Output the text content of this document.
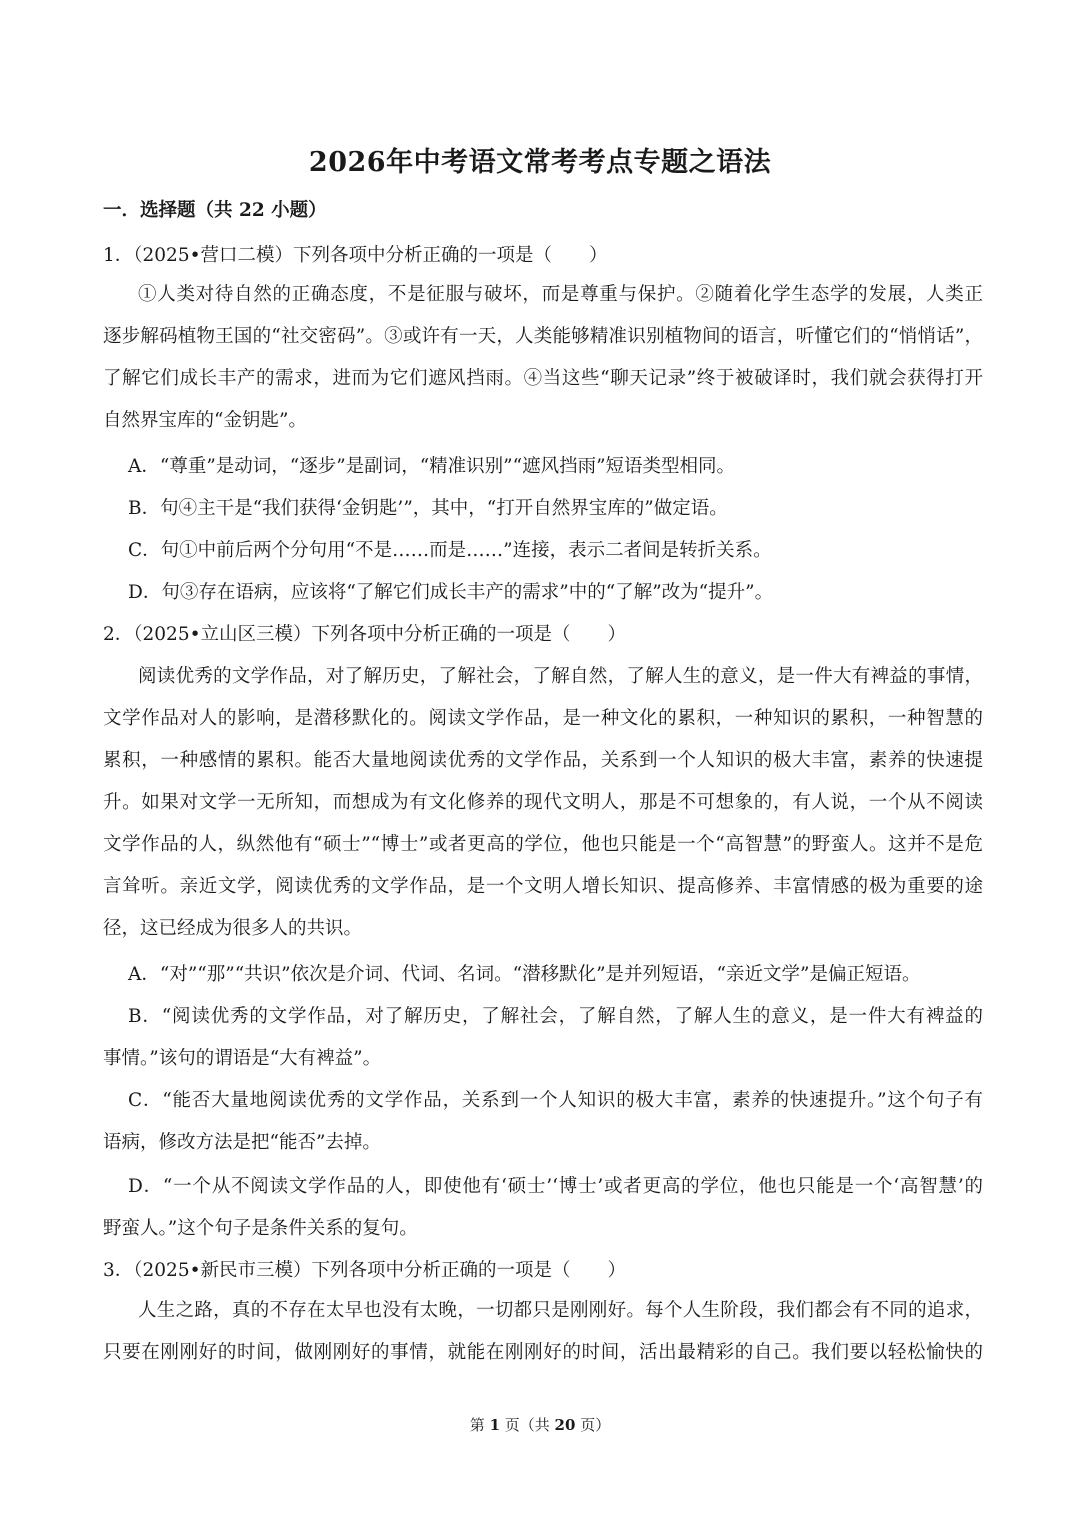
2026年中考语文常考考点专题之语法
一．选择题（共 22 小题）
1．（2025•营口二模）下列各项中分析正确的一项是（　　）
①人类对待自然的正确态度，不是征服与破坏，而是尊重与保护。②随着化学生态学的发展，人类正
逐步解码植物王国的“社交密码”。③或许有一天，人类能够精准识别植物间的语言，听懂它们的“悄悄话”，
了解它们成长丰产的需求，进而为它们遮风挡雨。④当这些“聊天记录”终于被破译时，我们就会获得打开
自然界宝库的“金钥匙”。
A．“尊重”是动词，“逐步”是副词，“精准识别”“遮风挡雨”短语类型相同。
B．句④主干是“我们获得‘金钥匙’”，其中，“打开自然界宝库的”做定语。
C．句①中前后两个分句用“不是……而是……”连接，表示二者间是转折关系。
D．句③存在语病，应该将“了解它们成长丰产的需求”中的“了解”改为“提升”。
2．（2025•立山区三模）下列各项中分析正确的一项是（　　）
阅读优秀的文学作品，对了解历史，了解社会，了解自然，了解人生的意义，是一件大有裨益的事情，
文学作品对人的影响，是潜移默化的。阅读文学作品，是一种文化的累积，一种知识的累积，一种智慧的
累积，一种感情的累积。能否大量地阅读优秀的文学作品，关系到一个人知识的极大丰富，素养的快速提
升。如果对文学一无所知，而想成为有文化修养的现代文明人，那是不可想象的，有人说，一个从不阅读
文学作品的人，纵然他有“硕士”“博士”或者更高的学位，他也只能是一个“高智慧”的野蛮人。这并不是危
言耸听。亲近文学，阅读优秀的文学作品，是一个文明人增长知识、提高修养、丰富情感的极为重要的途
径，这已经成为很多人的共识。
A．“对”“那”“共识”依次是介词、代词、名词。“潜移默化”是并列短语，“亲近文学”是偏正短语。
B．“阅读优秀的文学作品，对了解历史，了解社会，了解自然，了解人生的意义，是一件大有裨益的
事情。”该句的谓语是“大有裨益”。
C．“能否大量地阅读优秀的文学作品，关系到一个人知识的极大丰富，素养的快速提升。”这个句子有
语病，修改方法是把“能否”去掉。
D．“一个从不阅读文学作品的人，即使他有‘硕士’‘博士’或者更高的学位，他也只能是一个‘高智慧’的
野蛮人。”这个句子是条件关系的复句。
3．（2025•新民市三模）下列各项中分析正确的一项是（　　）
人生之路，真的不存在太早也没有太晚，一切都只是刚刚好。每个人生阶段，我们都会有不同的追求，
只要在刚刚好的时间，做刚刚好的事情，就能在刚刚好的时间，活出最精彩的自己。我们要以轻松愉快的
第 1 页（共 20 页）
